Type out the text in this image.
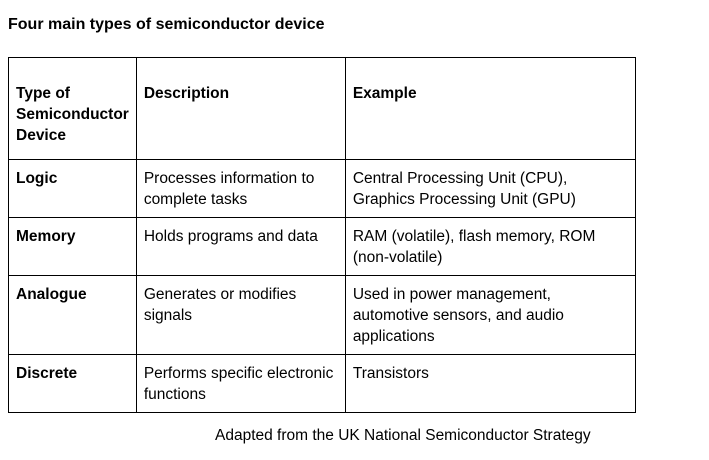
Four main types of semiconductor device
Type of Semiconductor Device	Description	Example
Logic	Processes information to complete tasks	Central Processing Unit (CPU), Graphics Processing Unit (GPU)
Memory	Holds programs and data	RAM (volatile), flash memory, ROM (non-volatile)
Analogue	Generates or modifies signals	Used in power management, automotive sensors, and audio applications
Discrete	Performs specific electronic functions	Transistors
Adapted from the UK National Semiconductor Strategy
